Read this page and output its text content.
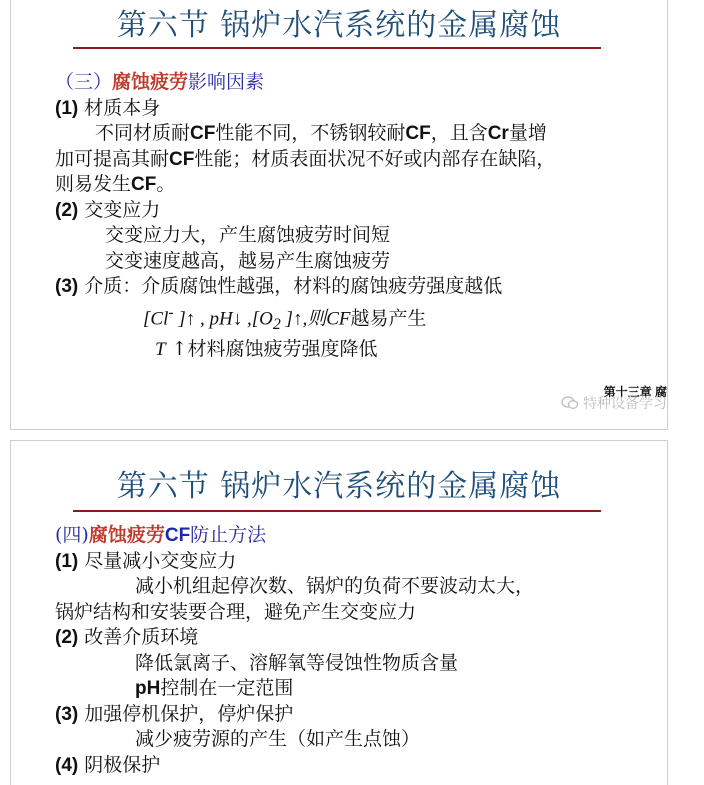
第六节 锅炉水汽系统的金属腐蚀
（三）腐蚀疲劳影响因素
(1) 材质本身
不同材质耐CF性能不同，不锈钢较耐CF，且含Cr量增
加可提高其耐CF性能；材质表面状况不好或内部存在缺陷，
则易发生CF。
(2) 交变应力
交变应力大，产生腐蚀疲劳时间短
交变速度越高，越易产生腐蚀疲劳
(3) 介质：介质腐蚀性越强，材料的腐蚀疲劳强度越低
[Cl- ]↑ , pH↓ $,[O_2$ ]↑,则CF越易产生
T ↑材料腐蚀疲劳强度降低
第十三章 腐
特种设备学习
第六节 锅炉水汽系统的金属腐蚀
(四)腐蚀疲劳CF防止方法
(1) 尽量减小交变应力
减小机组起停次数、锅炉的负荷不要波动太大，
锅炉结构和安装要合理，避免产生交变应力
(2) 改善介质环境
降低氯离子、溶解氧等侵蚀性物质含量
pH控制在一定范围
(3) 加强停机保护，停炉保护
减少疲劳源的产生（如产生点蚀）
(4) 阴极保护
